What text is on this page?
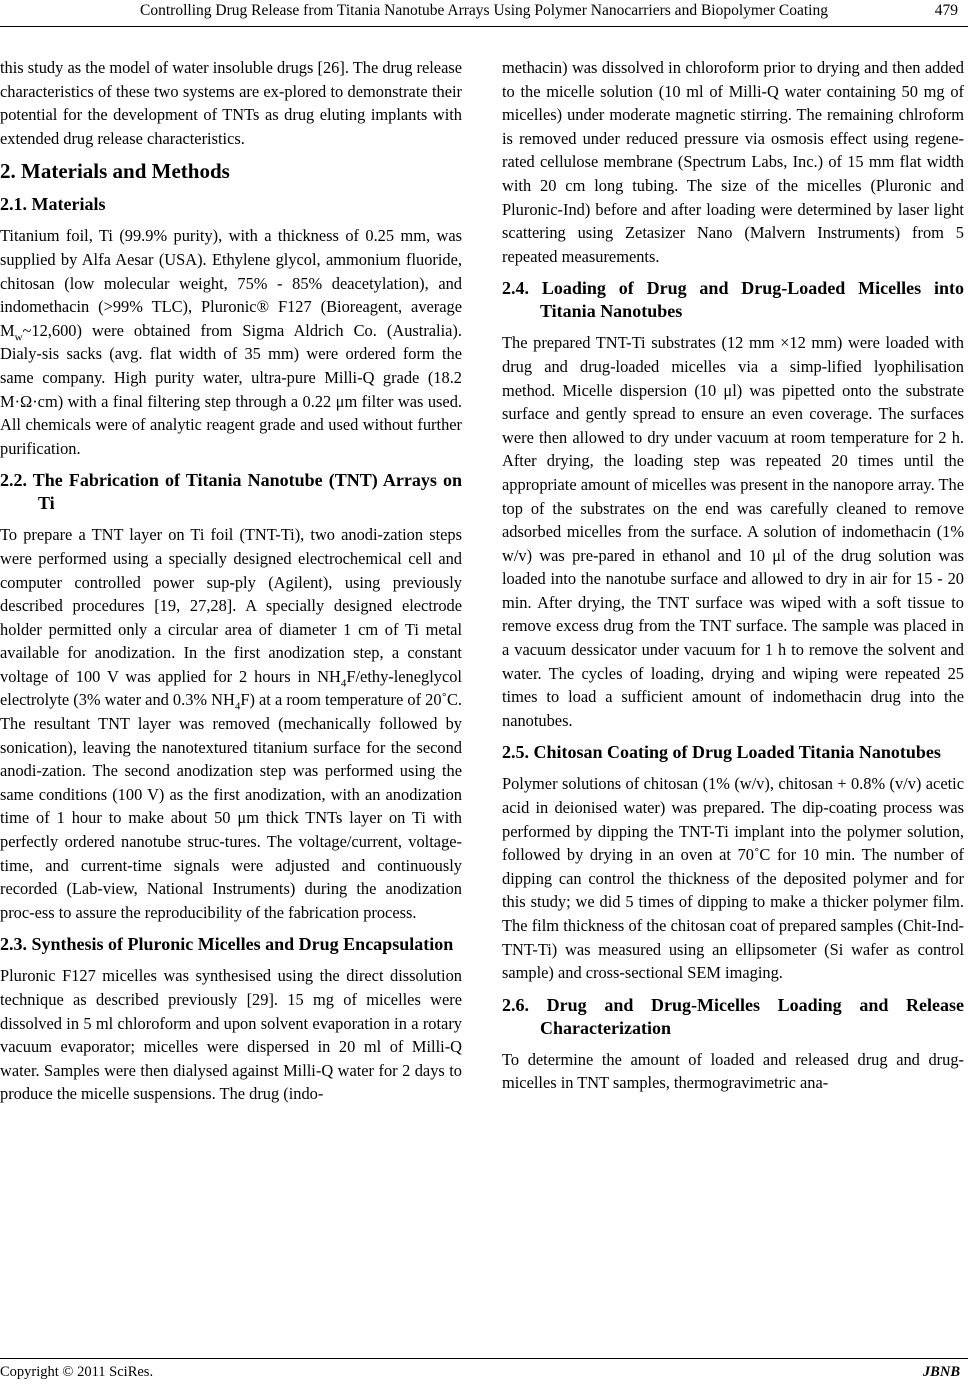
Controlling Drug Release from Titania Nanotube Arrays Using Polymer Nanocarriers and Biopolymer Coating	479

this study as the model of water insoluble drugs [26]. The drug release characteristics of these two systems are ex-plored to demonstrate their potential for the development of TNTs as drug eluting implants with extended drug release characteristics.

2. Materials and Methods
2.1. Materials

Titanium foil, Ti (99.9% purity), with a thickness of 0.25 mm, was supplied by Alfa Aesar (USA). Ethylene glycol, ammonium fluoride, chitosan (low molecular weight, 75% - 85% deacetylation), and indomethacin (>99% TLC), Pluronic® F127 (Bioreagent, average $M_w\sim 12,600$) were obtained from Sigma Aldrich Co. (Australia). Dialy-sis sacks (avg. flat width of 35 mm) were ordered form the same company. High purity water, ultra-pure Milli-Q grade (18.2 M·Ω·cm) with a final filtering step through a 0.22 μm filter was used. All chemicals were of analytic reagent grade and used without further purification.

2.2. The Fabrication of Titania Nanotube (TNT) Arrays on Ti

To prepare a TNT layer on Ti foil (TNT-Ti), two anodi-zation steps were performed using a specially designed electrochemical cell and computer controlled power sup-ply (Agilent), using previously described procedures [19, 27,28]. A specially designed electrode holder permitted only a circular area of diameter 1 cm of Ti metal available for anodization. In the first anodization step, a constant voltage of 100 V was applied for 2 hours in $NH_4F/ethy$-leneglycol electrolyte (3% water and 0.3% $NH_4F$) at a room temperature of 20˚C. The resultant TNT layer was removed (mechanically followed by sonication), leaving the nanotextured titanium surface for the second anodi-zation. The second anodization step was performed using the same conditions (100 V) as the first anodization, with an anodization time of 1 hour to make about 50 μm thick TNTs layer on Ti with perfectly ordered nanotube struc-tures. The voltage/current, voltage-time, and current-time signals were adjusted and continuously recorded (Lab-view, National Instruments) during the anodization proc-ess to assure the reproducibility of the fabrication process.

2.3. Synthesis of Pluronic Micelles and Drug Encapsulation

Pluronic F127 micelles was synthesised using the direct dissolution technique as described previously [29]. 15 mg of micelles were dissolved in 5 ml chloroform and upon solvent evaporation in a rotary vacuum evaporator; micelles were dispersed in 20 ml of Milli-Q water. Samples were then dialysed against Milli-Q water for 2 days to produce the micelle suspensions. The drug (indo-

methacin) was dissolved in chloroform prior to drying and then added to the micelle solution (10 ml of Milli-Q water containing 50 mg of micelles) under moderate magnetic stirring. The remaining chlroform is removed under reduced pressure via osmosis effect using regene-rated cellulose membrane (Spectrum Labs, Inc.) of 15 mm flat width with 20 cm long tubing. The size of the micelles (Pluronic and Pluronic-Ind) before and after loading were determined by laser light scattering using Zetasizer Nano (Malvern Instruments) from 5 repeated measurements.

2.4. Loading of Drug and Drug-Loaded Micelles into Titania Nanotubes

The prepared TNT-Ti substrates (12 mm ×12 mm) were loaded with drug and drug-loaded micelles via a simp-lified lyophilisation method. Micelle dispersion (10 μl) was pipetted onto the substrate surface and gently spread to ensure an even coverage. The surfaces were then allowed to dry under vacuum at room temperature for 2 h. After drying, the loading step was repeated 20 times until the appropriate amount of micelles was present in the nanopore array. The top of the substrates on the end was carefully cleaned to remove adsorbed micelles from the surface. A solution of indomethacin (1% w/v) was pre-pared in ethanol and 10 μl of the drug solution was loaded into the nanotube surface and allowed to dry in air for 15 - 20 min. After drying, the TNT surface was wiped with a soft tissue to remove excess drug from the TNT surface. The sample was placed in a vacuum dessicator under vacuum for 1 h to remove the solvent and water. The cycles of loading, drying and wiping were repeated 25 times to load a sufficient amount of indomethacin drug into the nanotubes.

2.5. Chitosan Coating of Drug Loaded Titania Nanotubes

Polymer solutions of chitosan (1% (w/v), chitosan + 0.8% (v/v) acetic acid in deionised water) was prepared. The dip-coating process was performed by dipping the TNT-Ti implant into the polymer solution, followed by drying in an oven at 70˚C for 10 min. The number of dipping can control the thickness of the deposited polymer and for this study; we did 5 times of dipping to make a thicker polymer film. The film thickness of the chitosan coat of prepared samples (Chit-Ind-TNT-Ti) was measured using an ellipsometer (Si wafer as control sample) and cross-sectional SEM imaging.

2.6. Drug and Drug-Micelles Loading and Release Characterization

To determine the amount of loaded and released drug and drug-micelles in TNT samples, thermogravimetric ana-

Copyright © 2011 SciRes.	JBNB
